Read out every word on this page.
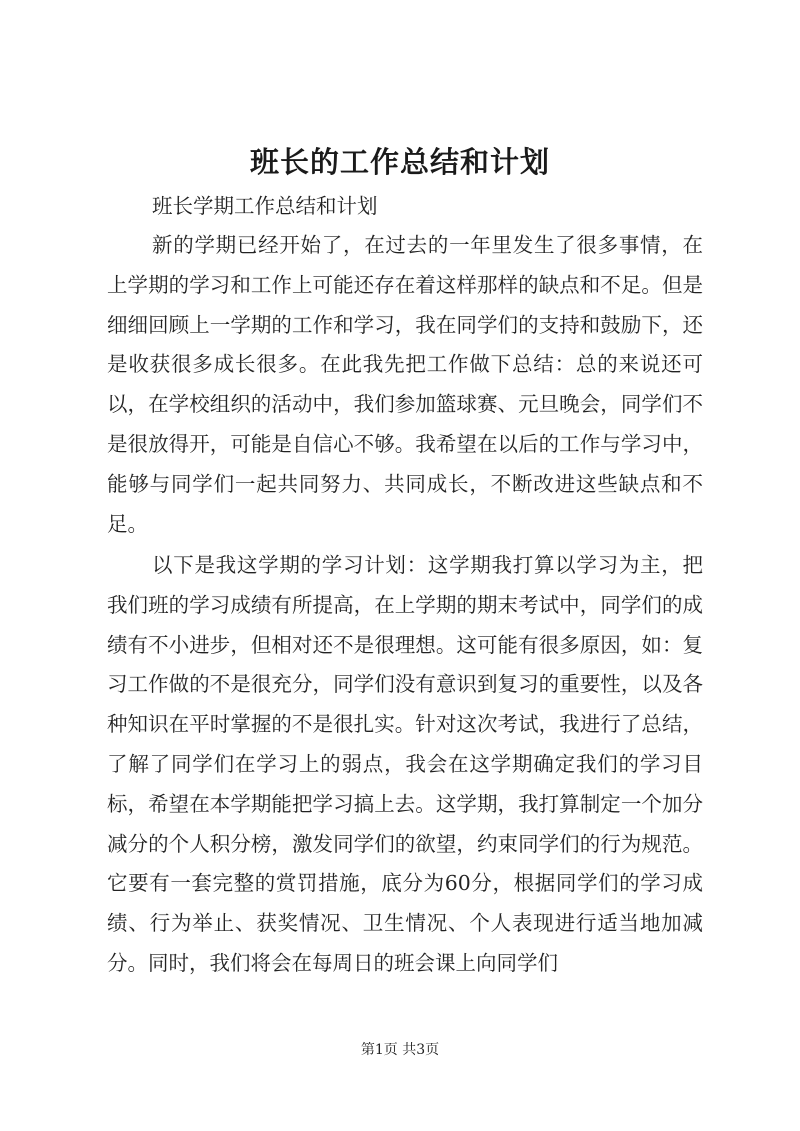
班长的工作总结和计划
班长学期工作总结和计划

新的学期已经开始了，在过去的一年里发生了很多事情，在上学期的学习和工作上可能还存在着这样那样的缺点和不足。但是细细回顾上一学期的工作和学习，我在同学们的支持和鼓励下，还是收获很多成长很多。在此我先把工作做下总结：总的来说还可以，在学校组织的活动中，我们参加篮球赛、元旦晚会，同学们不是很放得开，可能是自信心不够。我希望在以后的工作与学习中，能够与同学们一起共同努力、共同成长，不断改进这些缺点和不足。

以下是我这学期的学习计划：这学期我打算以学习为主，把我们班的学习成绩有所提高，在上学期的期末考试中，同学们的成绩有不小进步，但相对还不是很理想。这可能有很多原因，如：复习工作做的不是很充分，同学们没有意识到复习的重要性，以及各种知识在平时掌握的不是很扎实。针对这次考试，我进行了总结，了解了同学们在学习上的弱点，我会在这学期确定我们的学习目标，希望在本学期能把学习搞上去。这学期，我打算制定一个加分减分的个人积分榜，激发同学们的欲望，约束同学们的行为规范。它要有一套完整的赏罚措施，底分为60分，根据同学们的学习成绩、行为举止、获奖情况、卫生情况、个人表现进行适当地加减分。同时，我们将会在每周日的班会课上向同学们

第1页 共3页
